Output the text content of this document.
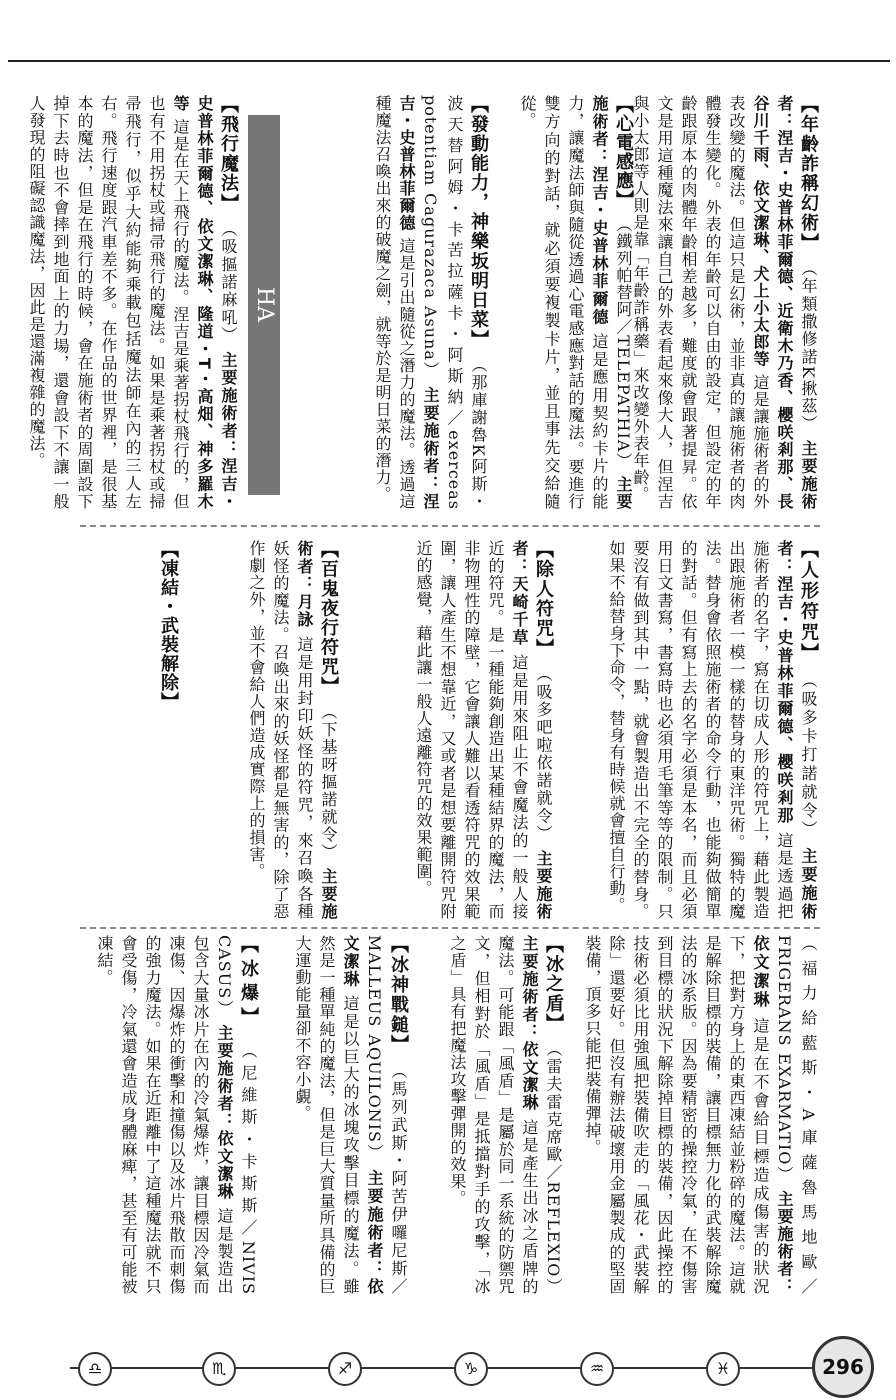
【年齡詐稱幻術】 （年類撒修諾K揪茲） 主要施術者：涅吉・史普林菲爾德、近衛木乃香、櫻咲剎那、長谷川千雨、依文潔琳、犬上小太郎等 這是讓施術者的外表改變的魔法。但這只是幻術，並非真的讓施術者的肉體發生變化。外表的年齡可以自由的設定，但設定的年齡跟原本的肉體年齡相差越多，難度就會跟著提昇。依文是用這種魔法來讓自己的外表看起來像大人，但涅吉與小太郎等人則是靠「年齡詐稱藥」來改變外表年齡。
【心電感應】 （鐵列帕替阿／TELEPATHIA） 主要施術者：涅吉・史普林菲爾德 這是應用契約卡片的能力，讓魔法師與隨從透過心電感應對話的魔法。要進行雙方向的對話，就必須要複製卡片，並且事先交給隨從。
【發動能力，神樂坂明日菜】 （那庫謝魯К阿斯・波天替阿姆・卡苦拉薩卡・阿斯納／exerceas potentiam Cagurazaca Asuna） 主要施術者：涅吉・史普林菲爾德 這是引出隨從之潛力的魔法。透過這種魔法召喚出來的破魔之劍，就等於是明日菜的潛力。
HA
【飛行魔法】 （吸摳諾麻吼） 主要施術者：涅吉・史普林菲爾德、依文潔琳、隆道・T・高畑、神多羅木等 這是在天上飛行的魔法。涅吉是乘著拐杖飛行的，但也有不用拐杖或掃帚飛行的魔法。如果是乘著拐杖或掃帚飛行，似乎大約能夠乘載包括魔法師在內的三人左右。飛行速度跟汽車差不多。在作品的世界裡，是很基本的魔法，但是在飛行的時候，會在施術者的周圍設下掉下去時也不會摔到地面上的力場，還會設下不讓一般人發現的阻礙認識魔法，因此是還滿複雜的魔法。
【人形符咒】 （吸多卡打諾就令） 主要施術者：涅吉・史普林菲爾德、櫻咲剎那 這是透過把施術者的名字，寫在切成人形的符咒上，藉此製造出跟施術者一模一樣的替身的東洋咒術。獨特的魔法。替身會依照施術者的命令行動，也能夠做簡單的對話。但有寫上去的名字必須是本名，而且必須用日文書寫，書寫時也必須用毛筆等等的限制。只要沒有做到其中一點，就會製造出不完全的替身。如果不給替身下命令，替身有時候就會擅自行動。
【除人符咒】 （吸多吧啦依諾就令） 主要施術者：天崎千草 這是用來阻止不會魔法的一般人接近的符咒。是一種能夠創造出某種結界的魔法，而非物理性的障壁，它會讓人難以看透符咒的效果範圍，讓人產生不想靠近，又或者是想要離開符咒附近的感覺，藉此讓一般人遠離符咒的效果範圍。
【百鬼夜行符咒】 （下基呀摳諾就令） 主要施術者：月詠 這是用封印妖怪的符咒，來召喚各種妖怪的魔法。召喚出來的妖怪都是無害的，除了惡作劇之外，並不會給人們造成實際上的損害。
【凍結・武裝解除】
（福力給藍斯・A庫薩魯馬地歐／FRIGERANS EXARMATIO） 主要施術者：依文潔琳 這是在不會給目標造成傷害的狀況下，把對方身上的東西凍結並粉碎的魔法。這就是解除目標的裝備，讓目標無力化的武裝解除魔法的冰系版。因為要精密的操控冷氣，在不傷害到目標的狀況下解除掉目標的裝備，因此操控的技術必須比用強風把裝備吹走的「風花・武裝解除」還要好。但沒有辦法破壞用金屬製成的堅固裝備，頂多只能把裝備彈掉。
【冰之盾】 （雷夫雷克席歐／REFLEXIO） 主要施術者：依文潔琳 這是產生出冰之盾牌的魔法。可能跟「風盾」是屬於同一系統的防禦咒文，但相對於「風盾」是抵擋對手的攻擊，「冰之盾」具有把魔法攻擊彈開的效果。
【冰神戰鎚】 （馬列武斯・阿苦伊囉尼斯／MALLEUS AQUILONIS） 主要施術者：依文潔琳 這是以巨大的冰塊攻擊目標的魔法。雖然是一種單純的魔法，但是巨大質量所具備的巨大運動能量卻不容小覷。
【冰爆】 （尼維斯・卡斯斯／NIVIS CASUS） 主要施術者：依文潔琳 這是製造出包含大量冰片在內的冷氣爆炸，讓目標因冷氣而凍傷、因爆炸的衝擊和撞傷以及冰片飛散而刺傷的強力魔法。如果在近距離中了這種魔法就不只會受傷，冷氣還會造成身體麻痺，甚至有可能被凍結。
♎	♏	♐	♑	♒	♓	296
